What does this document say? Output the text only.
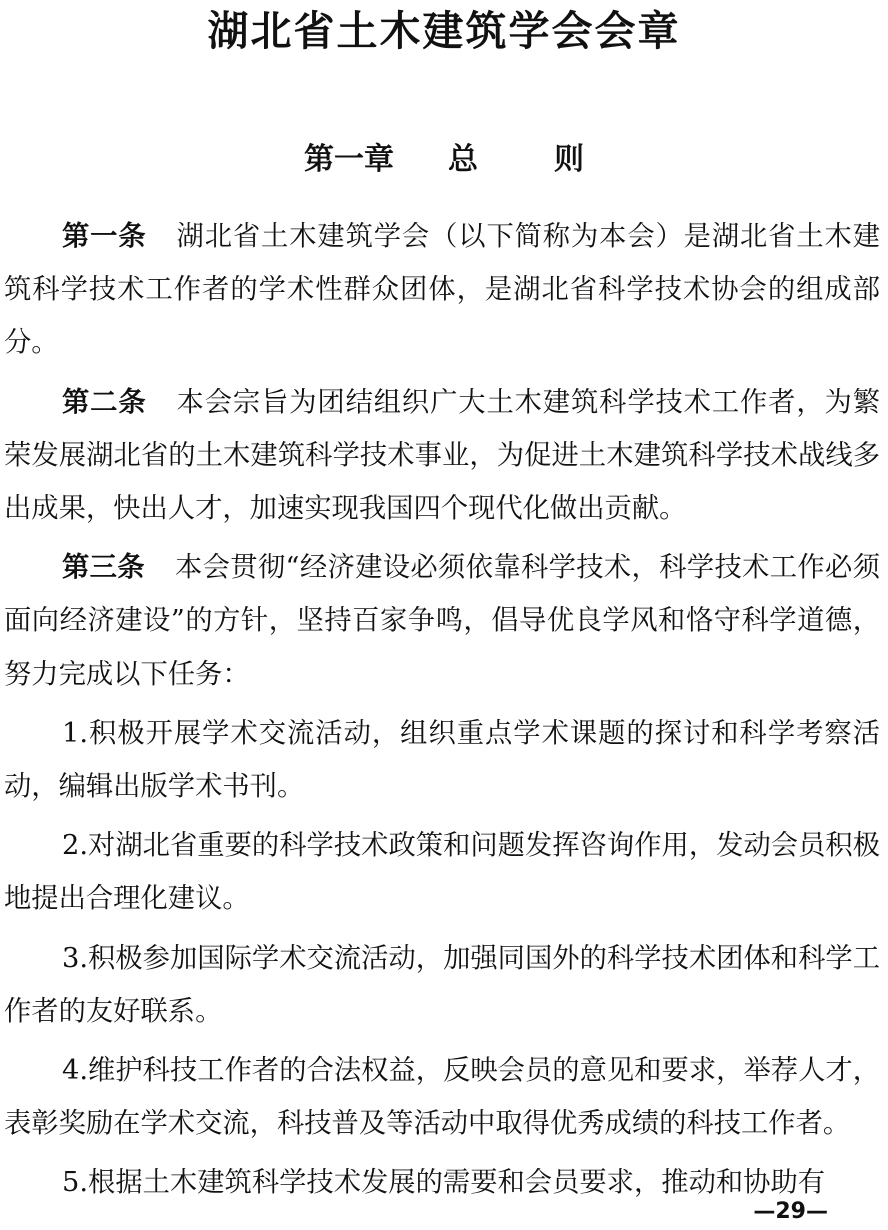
湖北省土木建筑学会会章
第一章 总	则

第一条 湖北省土木建筑学会（以下简称为本会）是湖北省土木建筑科学技术工作者的学术性群众团体，是湖北省科学技术协会的组成部分。

第二条 本会宗旨为团结组织广大土木建筑科学技术工作者，为繁荣发展湖北省的土木建筑科学技术事业，为促进土木建筑科学技术战线多出成果，快出人才，加速实现我国四个现代化做出贡献。

第三条 本会贯彻“经济建设必须依靠科学技术，科学技术工作必须面向经济建设”的方针，坚持百家争鸣，倡导优良学风和恪守科学道德，努力完成以下任务：

1.积极开展学术交流活动，组织重点学术课题的探讨和科学考察活动，编辑出版学术书刊。

2.对湖北省重要的科学技术政策和问题发挥咨询作用，发动会员积极地提出合理化建议。

3.积极参加国际学术交流活动，加强同国外的科学技术团体和科学工作者的友好联系。

4.维护科技工作者的合法权益，反映会员的意见和要求，举荐人才，表彰奖励在学术交流，科技普及等活动中取得优秀成绩的科技工作者。

5.根据土木建筑科学技术发展的需要和会员要求，推动和协助有

—29—
